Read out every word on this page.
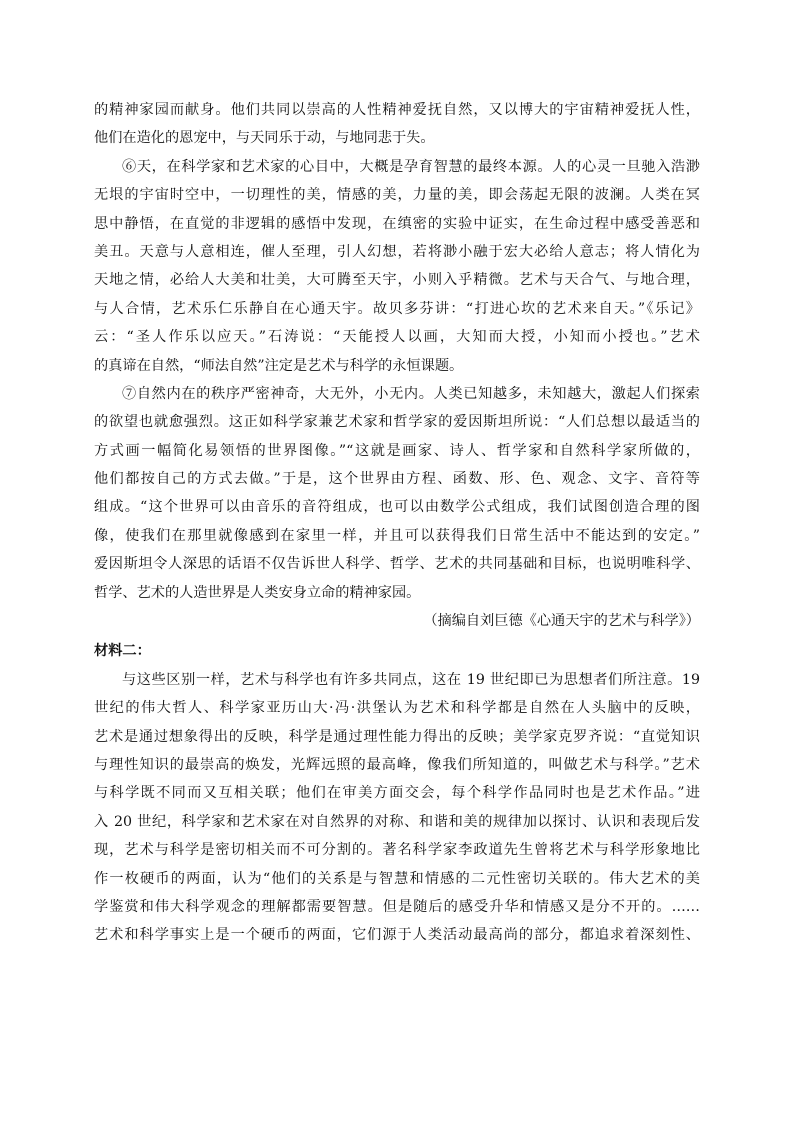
的精神家园而献身。他们共同以崇高的人性精神爱抚自然，又以博大的宇宙精神爱抚人性，
他们在造化的恩宠中，与天同乐于动，与地同悲于失。
⑥天，在科学家和艺术家的心目中，大概是孕育智慧的最终本源。人的心灵一旦驰入浩渺
无垠的宇宙时空中，一切理性的美，情感的美，力量的美，即会荡起无限的波澜。人类在冥
思中静悟，在直觉的非逻辑的感悟中发现，在缜密的实验中证实，在生命过程中感受善恶和
美丑。天意与人意相连，催人至理，引人幻想，若将渺小融于宏大必给人意志；将人情化为
天地之情，必给人大美和壮美，大可腾至天宇，小则入乎精微。艺术与天合气、与地合理，
与人合情，艺术乐仁乐静自在心通天宇。故贝多芬讲：“打进心坎的艺术来自天。”《乐记》
云：“圣人作乐以应天。”石涛说：“天能授人以画，大知而大授，小知而小授也。”艺术
的真谛在自然，“师法自然”注定是艺术与科学的永恒课题。
⑦自然内在的秩序严密神奇，大无外，小无内。人类已知越多，未知越大，激起人们探索
的欲望也就愈强烈。这正如科学家兼艺术家和哲学家的爱因斯坦所说：“人们总想以最适当的
方式画一幅简化易领悟的世界图像。”“这就是画家、诗人、哲学家和自然科学家所做的，
他们都按自己的方式去做。”于是，这个世界由方程、函数、形、色、观念、文字、音符等
组成。“这个世界可以由音乐的音符组成，也可以由数学公式组成，我们试图创造合理的图
像，使我们在那里就像感到在家里一样，并且可以获得我们日常生活中不能达到的安定。”
爱因斯坦令人深思的话语不仅告诉世人科学、哲学、艺术的共同基础和目标，也说明唯科学、
哲学、艺术的人造世界是人类安身立命的精神家园。
（摘编自刘巨德《心通天宇的艺术与科学》）
材料二：
与这些区别一样，艺术与科学也有许多共同点，这在 19 世纪即已为思想者们所注意。19
世纪的伟大哲人、科学家亚历山大·冯·洪堡认为艺术和科学都是自然在人头脑中的反映，
艺术是通过想象得出的反映，科学是通过理性能力得出的反映；美学家克罗齐说：“直觉知识
与理性知识的最崇高的焕发，光辉远照的最高峰，像我们所知道的，叫做艺术与科学。”艺术
与科学既不同而又互相关联；他们在审美方面交会，每个科学作品同时也是艺术作品。”进
入 20 世纪，科学家和艺术家在对自然界的对称、和谐和美的规律加以探讨、认识和表现后发
现，艺术与科学是密切相关而不可分割的。著名科学家李政道先生曾将艺术与科学形象地比
作一枚硬币的两面，认为“他们的关系是与智慧和情感的二元性密切关联的。伟大艺术的美
学鉴赏和伟大科学观念的理解都需要智慧。但是随后的感受升华和情感又是分不开的。……
艺术和科学事实上是一个硬币的两面，它们源于人类活动最高尚的部分，都追求着深刻性、
